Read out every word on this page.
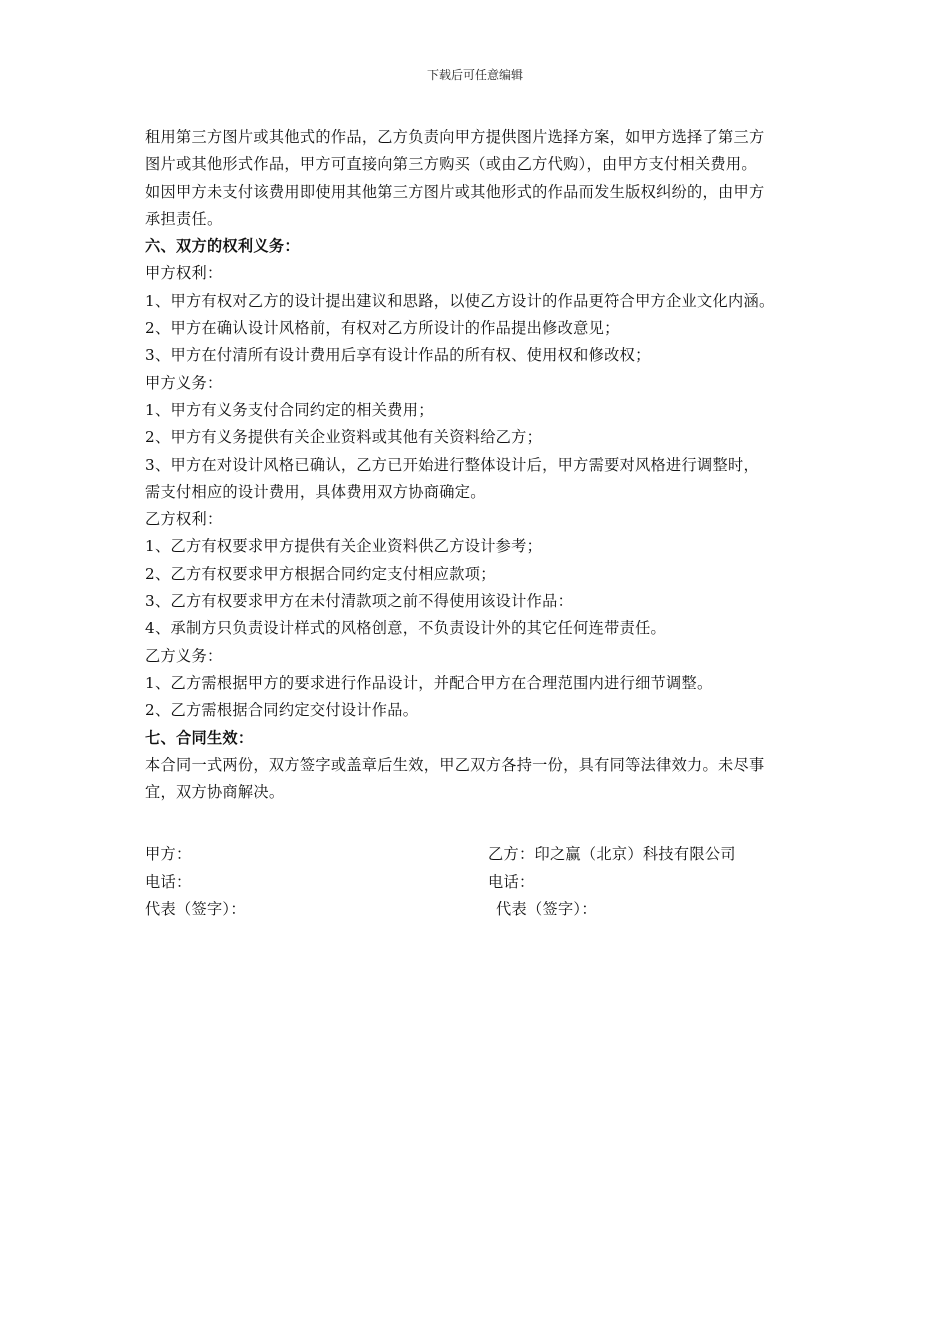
下载后可任意编辑
租用第三方图片或其他式的作品，乙方负责向甲方提供图片选择方案，如甲方选择了第三方
图片或其他形式作品，甲方可直接向第三方购买（或由乙方代购），由甲方支付相关费用。
如因甲方未支付该费用即使用其他第三方图片或其他形式的作品而发生版权纠纷的，由甲方
承担责任。
六、双方的权利义务：
甲方权利：
1、甲方有权对乙方的设计提出建议和思路，以使乙方设计的作品更符合甲方企业文化内涵。
2、甲方在确认设计风格前，有权对乙方所设计的作品提出修改意见；
3、甲方在付清所有设计费用后享有设计作品的所有权、使用权和修改权；
甲方义务：
1、甲方有义务支付合同约定的相关费用；
2、甲方有义务提供有关企业资料或其他有关资料给乙方；
3、甲方在对设计风格已确认，乙方已开始进行整体设计后，甲方需要对风格进行调整时，
需支付相应的设计费用，具体费用双方协商确定。
乙方权利：
1、乙方有权要求甲方提供有关企业资料供乙方设计参考；
2、乙方有权要求甲方根据合同约定支付相应款项；
3、乙方有权要求甲方在未付清款项之前不得使用该设计作品：
4、承制方只负责设计样式的风格创意，不负责设计外的其它任何连带责任。
乙方义务：
1、乙方需根据甲方的要求进行作品设计，并配合甲方在合理范围内进行细节调整。
2、乙方需根据合同约定交付设计作品。
七、合同生效：
本合同一式两份，双方签字或盖章后生效，甲乙双方各持一份，具有同等法律效力。未尽事
宜，双方协商解决。
甲方：	乙方：印之赢（北京）科技有限公司
电话：	电话：
代表（签字）：	代表（签字）：
